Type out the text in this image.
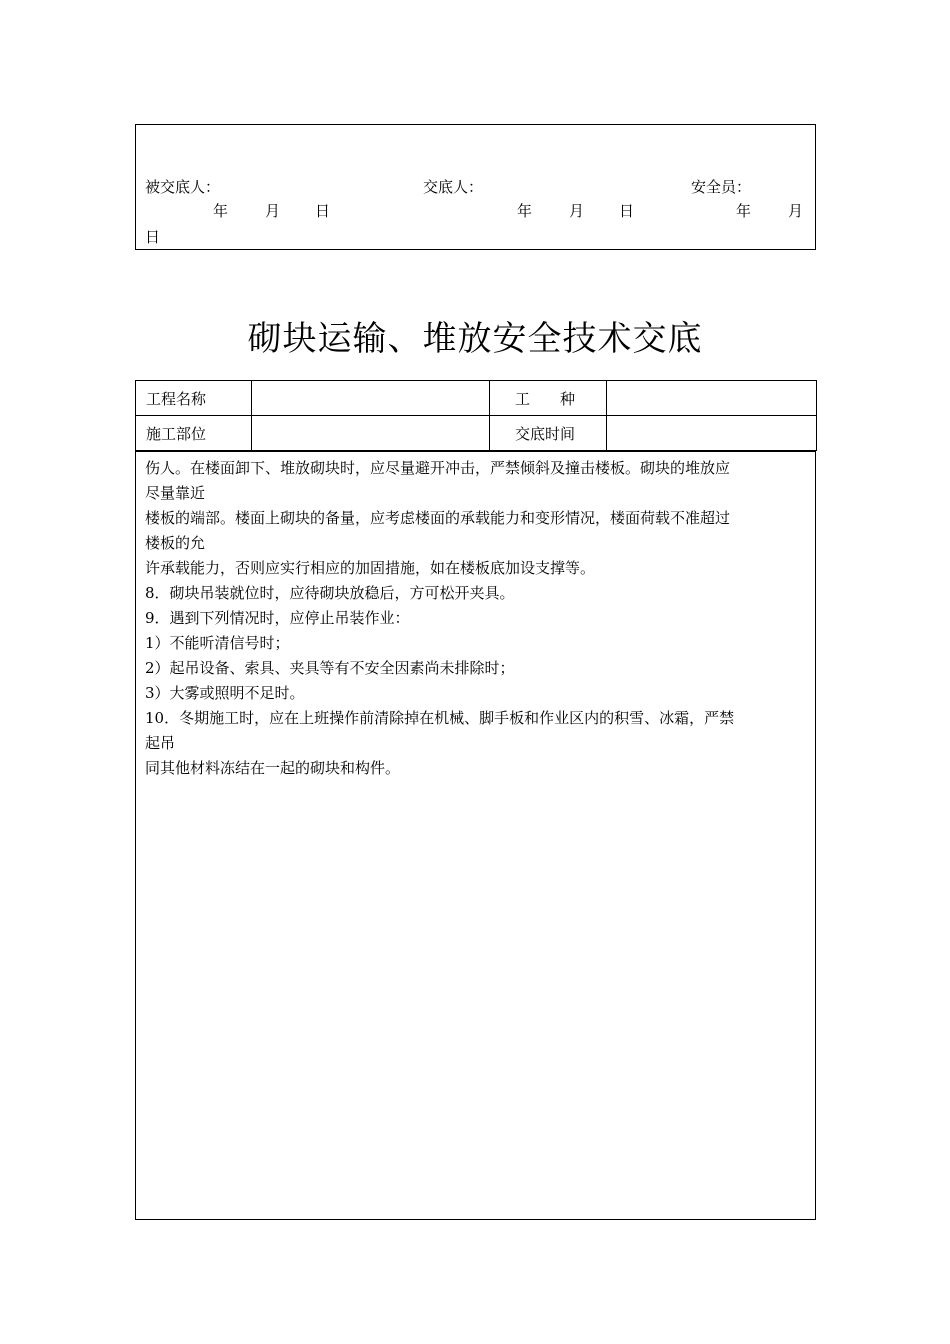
被交底人：	交底人：	安全员：
年 月 日	年 月 日	年 月
日
砌块运输、堆放安全技术交底
工程名称		工　　种	
施工部位		交底时间	

伤人。在楼面卸下、堆放砌块时，应尽量避开冲击，严禁倾斜及撞击楼板。砌块的堆放应

尽量靠近

楼板的端部。楼面上砌块的备量，应考虑楼面的承载能力和变形情况，楼面荷载不准超过

楼板的允

许承载能力，否则应实行相应的加固措施，如在楼板底加设支撑等。

8．砌块吊装就位时，应待砌块放稳后，方可松开夹具。

9．遇到下列情况时，应停止吊装作业：

1）不能听清信号时；

2）起吊设备、索具、夹具等有不安全因素尚未排除时；

3）大雾或照明不足时。

10．冬期施工时，应在上班操作前清除掉在机械、脚手板和作业区内的积雪、冰霜，严禁

起吊

同其他材料冻结在一起的砌块和构件。
